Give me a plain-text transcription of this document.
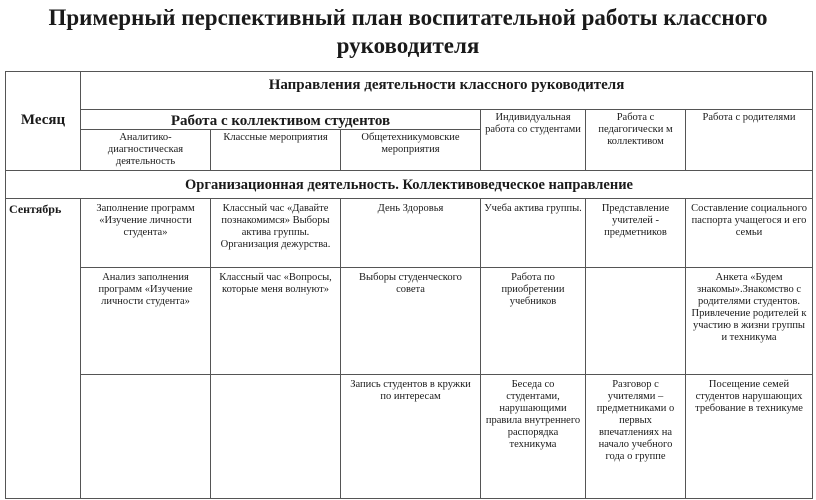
Примерный перспективный план воспитательной работы классного
руководителя
Месяц	Направления деятельности классного руководителя					
	Работа с коллективом студентов			Индивидуальная работа со студентами	Работа с педагогически м коллективом	Работа с родителями
	Аналитико-диагностическая деятельность	Классные мероприятия	Общетехникумовские мероприятия			
Организационная деятельность. Коллективоведческое направление						
Сентябрь	Заполнение программ «Изучение личности студента»	Классный час «Давайте познакомимся» Выборы актива группы. Организация дежурства.	День Здоровья	Учеба актива группы.	Представление учителей - предметников	Составление социального паспорта учащегося и его семьи
	Анализ заполнения программ «Изучение личности студента»	Классный час «Вопросы, которые меня волнуют»	Выборы студенческого совета	Работа по приобретении учебников		Анкета «Будем знакомы».Знакомство с родителями студентов. Привлечение родителей к участию в жизни группы и техникума
			Запись студентов в кружки по интересам	Беседа со студентами, нарушающими правила внутреннего распорядка техникума	Разговор с учителями – предметниками о первых впечатлениях на начало учебного года о группе	Посещение семей студентов нарушающих требование в техникуме
